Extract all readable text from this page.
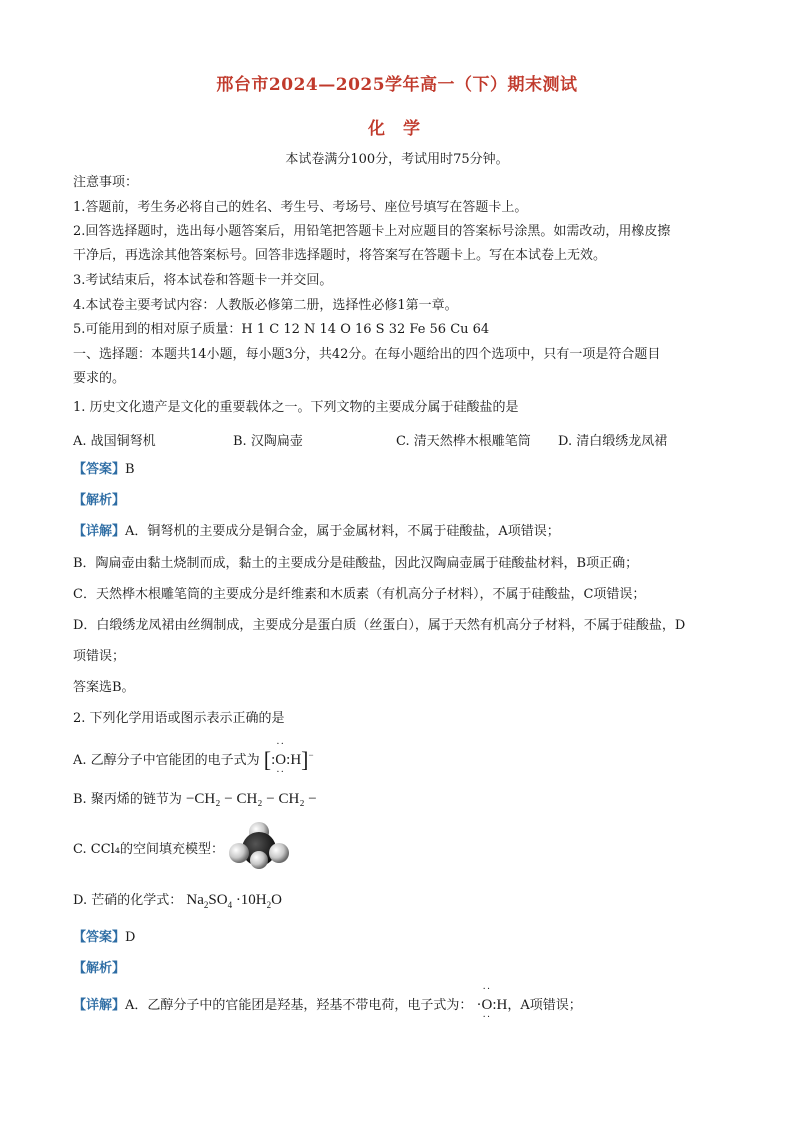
邢台市2024—2025学年高一（下）期末测试
化 学
本试卷满分100分，考试用时75分钟。
注意事项：
1.答题前，考生务必将自己的姓名、考生号、考场号、座位号填写在答题卡上。
2.回答选择题时，选出每小题答案后，用铅笔把答题卡上对应题目的答案标号涂黑。如需改动，用橡皮擦
干净后，再选涂其他答案标号。回答非选择题时，将答案写在答题卡上。写在本试卷上无效。
3.考试结束后，将本试卷和答题卡一并交回。
4.本试卷主要考试内容：人教版必修第二册，选择性必修1第一章。
5.可能用到的相对原子质量：H 1 C 12 N 14 O 16 S 32 Fe 56 Cu 64
一、选择题：本题共14小题，每小题3分，共42分。在每小题给出的四个选项中，只有一项是符合题目
要求的。
1. 历史文化遗产是文化的重要载体之一。下列文物的主要成分属于硅酸盐的是
A. 战国铜弩机	B. 汉陶扁壶	C. 清天然桦木根雕笔筒 D. 清白缎绣龙凤裙
【答案】B
【解析】
【详解】A．铜弩机的主要成分是铜合金，属于金属材料，不属于硅酸盐，A项错误；
B．陶扁壶由黏土烧制而成，黏土的主要成分是硅酸盐，因此汉陶扁壶属于硅酸盐材料，B项正确；
C．天然桦木根雕笔筒的主要成分是纤维素和木质素（有机高分子材料），不属于硅酸盐，C项错误；
D．白缎绣龙凤裙由丝绸制成，主要成分是蛋白质（丝蛋白），属于天然有机高分子材料，不属于硅酸盐，D
项错误；
答案选B。
2. 下列化学用语或图示表示正确的是
A. 乙醇分子中官能团的电子式为 [:O
··
··
:H]−
B. 聚丙烯的链节为 −CH₂ − CH₂ − CH₂ −
C. CCl₄的空间填充模型：
D. 芒硝的化学式： $Na_2SO_4 \cdot 10H_2O$
【答案】D
【解析】
【详解】A．乙醇分子中的官能团是羟基，羟基不带电荷，电子式为： ·O
··
··
:H，A项错误；
